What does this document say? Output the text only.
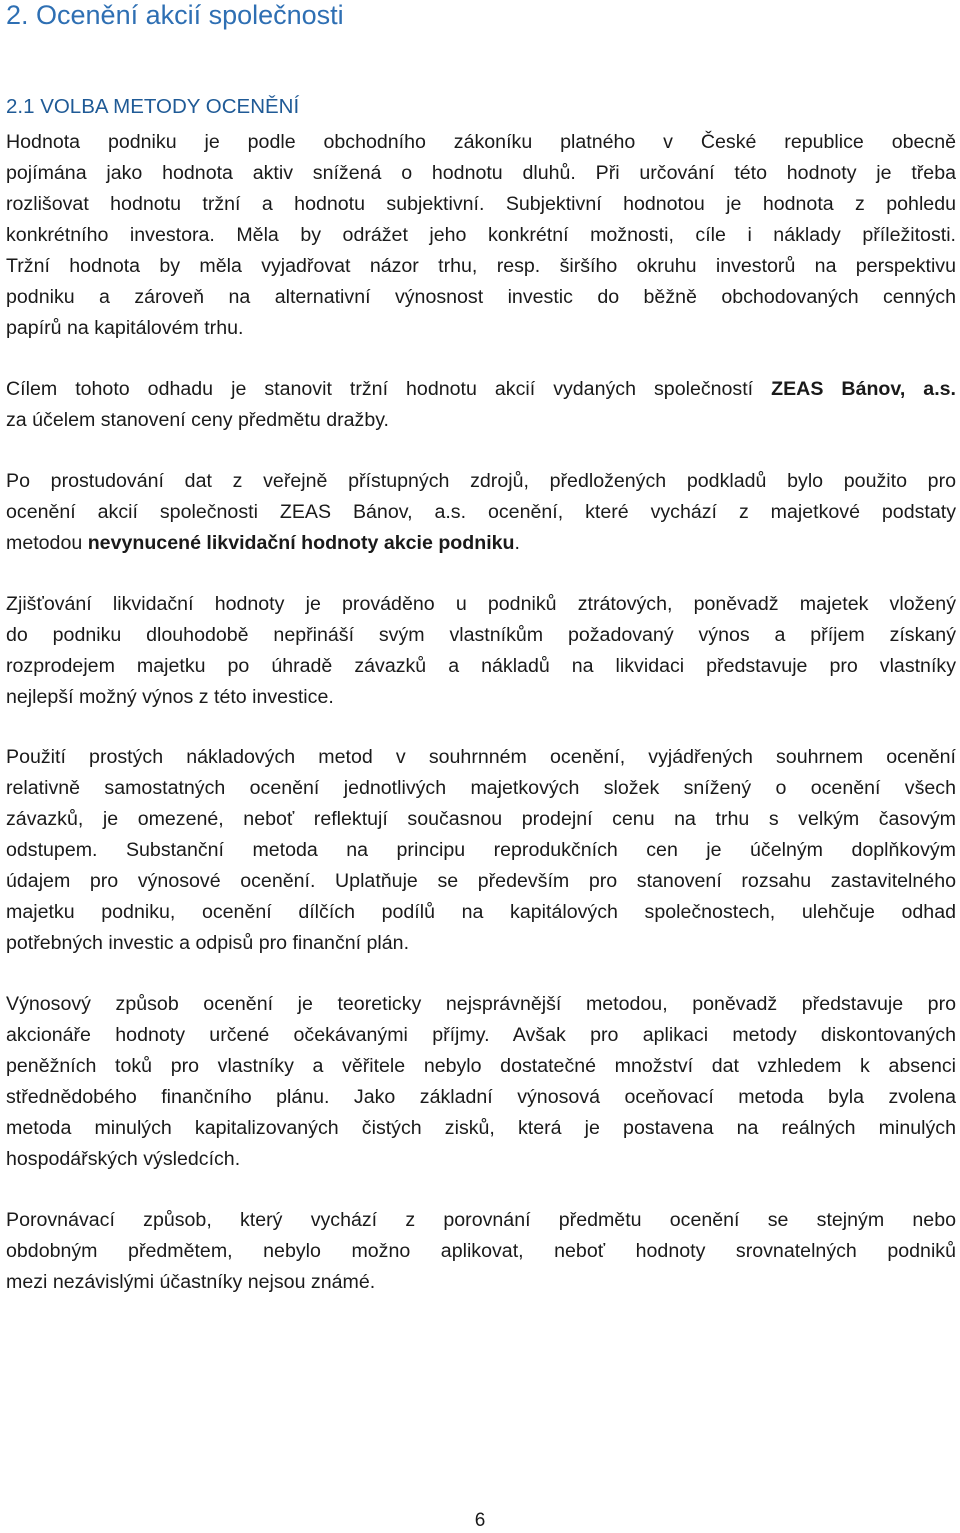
2. Ocenění akcií společnosti
2.1 VOLBA METODY OCENĚNÍ
Hodnota podniku je podle obchodního zákoníku platného v České republice obecně
pojímána jako hodnota aktiv snížená o hodnotu dluhů. Při určování této hodnoty je třeba
rozlišovat hodnotu tržní a hodnotu subjektivní. Subjektivní hodnotou je hodnota z pohledu
konkrétního investora. Měla by odrážet jeho konkrétní možnosti, cíle i náklady příležitosti.
Tržní hodnota by měla vyjadřovat názor trhu, resp. širšího okruhu investorů na perspektivu
podniku a zároveň na alternativní výnosnost investic do běžně obchodovaných cenných
papírů na kapitálovém trhu.
Cílem tohoto odhadu je stanovit tržní hodnotu akcií vydaných společností ZEAS Bánov, a.s.
za účelem stanovení ceny předmětu dražby.
Po prostudování dat z veřejně přístupných zdrojů, předložených podkladů bylo použito pro
ocenění akcií společnosti ZEAS Bánov, a.s. ocenění, které vychází z majetkové podstaty
metodou nevynucené likvidační hodnoty akcie podniku.
Zjišťování likvidační hodnoty je prováděno u podniků ztrátových, poněvadž majetek vložený
do podniku dlouhodobě nepřináší svým vlastníkům požadovaný výnos a příjem získaný
rozprodejem majetku po úhradě závazků a nákladů na likvidaci představuje pro vlastníky
nejlepší možný výnos z této investice.
Použití prostých nákladových metod v souhrnném ocenění, vyjádřených souhrnem ocenění
relativně samostatných ocenění jednotlivých majetkových složek snížený o ocenění všech
závazků, je omezené, neboť reflektují současnou prodejní cenu na trhu s velkým časovým
odstupem. Substanční metoda na principu reprodukčních cen je účelným doplňkovým
údajem pro výnosové ocenění. Uplatňuje se především pro stanovení rozsahu zastavitelného
majetku podniku, ocenění dílčích podílů na kapitálových společnostech, ulehčuje odhad
potřebných investic a odpisů pro finanční plán.
Výnosový způsob ocenění je teoreticky nejsprávnější metodou, poněvadž představuje pro
akcionáře hodnoty určené očekávanými příjmy. Avšak pro aplikaci metody diskontovaných
peněžních toků pro vlastníky a věřitele nebylo dostatečné množství dat vzhledem k absenci
střednědobého finančního plánu. Jako základní výnosová oceňovací metoda byla zvolena
metoda minulých kapitalizovaných čistých zisků, která je postavena na reálných minulých
hospodářských výsledcích.
Porovnávací způsob, který vychází z porovnání předmětu ocenění se stejným nebo
obdobným předmětem, nebylo možno aplikovat, neboť hodnoty srovnatelných podniků
mezi nezávislými účastníky nejsou známé.
6
